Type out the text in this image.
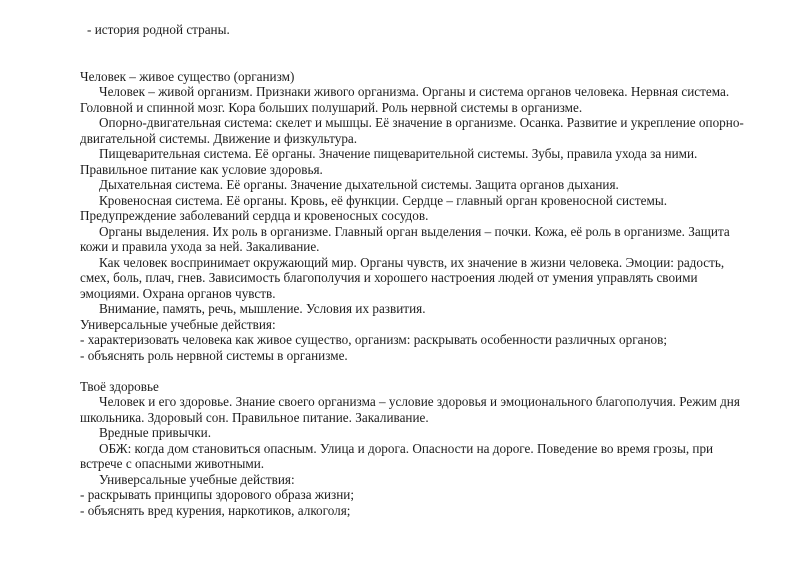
- история родной страны.

Человек – живое существо (организм)
Человек – живой организм. Признаки живого организма. Органы и система органов человека. Нервная система.
Головной и спинной мозг. Кора больших полушарий. Роль нервной системы в организме.
Опорно-двигательная система: скелет и мышцы. Её значение в организме. Осанка. Развитие и укрепление опорно-
двигательной системы. Движение и физкультура.
Пищеварительная система. Её органы. Значение пищеварительной системы. Зубы, правила ухода за ними.
Правильное питание как условие здоровья.
Дыхательная система. Её органы. Значение дыхательной системы. Защита органов дыхания.
Кровеносная система. Её органы. Кровь, её функции. Сердце – главный орган кровеносной системы.
Предупреждение заболеваний сердца и кровеносных сосудов.
Органы выделения. Их роль в организме. Главный орган выделения – почки. Кожа, её роль в организме. Защита
кожи и правила ухода за ней. Закаливание.
Как человек воспринимает окружающий мир. Органы чувств, их значение в жизни человека. Эмоции: радость,
смех, боль, плач, гнев. Зависимость благополучия и хорошего настроения людей от умения управлять своими
эмоциями. Охрана органов чувств.
Внимание, память, речь, мышление. Условия их развития.
Универсальные учебные действия:
- характеризовать человека как живое существо, организм: раскрывать особенности различных органов;
- объяснять роль нервной системы в организме.

Твоё здоровье
Человек и его здоровье. Знание своего организма – условие здоровья и эмоционального благополучия. Режим дня
школьника. Здоровый сон. Правильное питание. Закаливание.
Вредные привычки.
ОБЖ: когда дом становиться опасным. Улица и дорога. Опасности на дороге. Поведение во время грозы, при
встрече с опасными животными.
Универсальные учебные действия:
- раскрывать принципы здорового образа жизни;
- объяснять вред курения, наркотиков, алкоголя;
